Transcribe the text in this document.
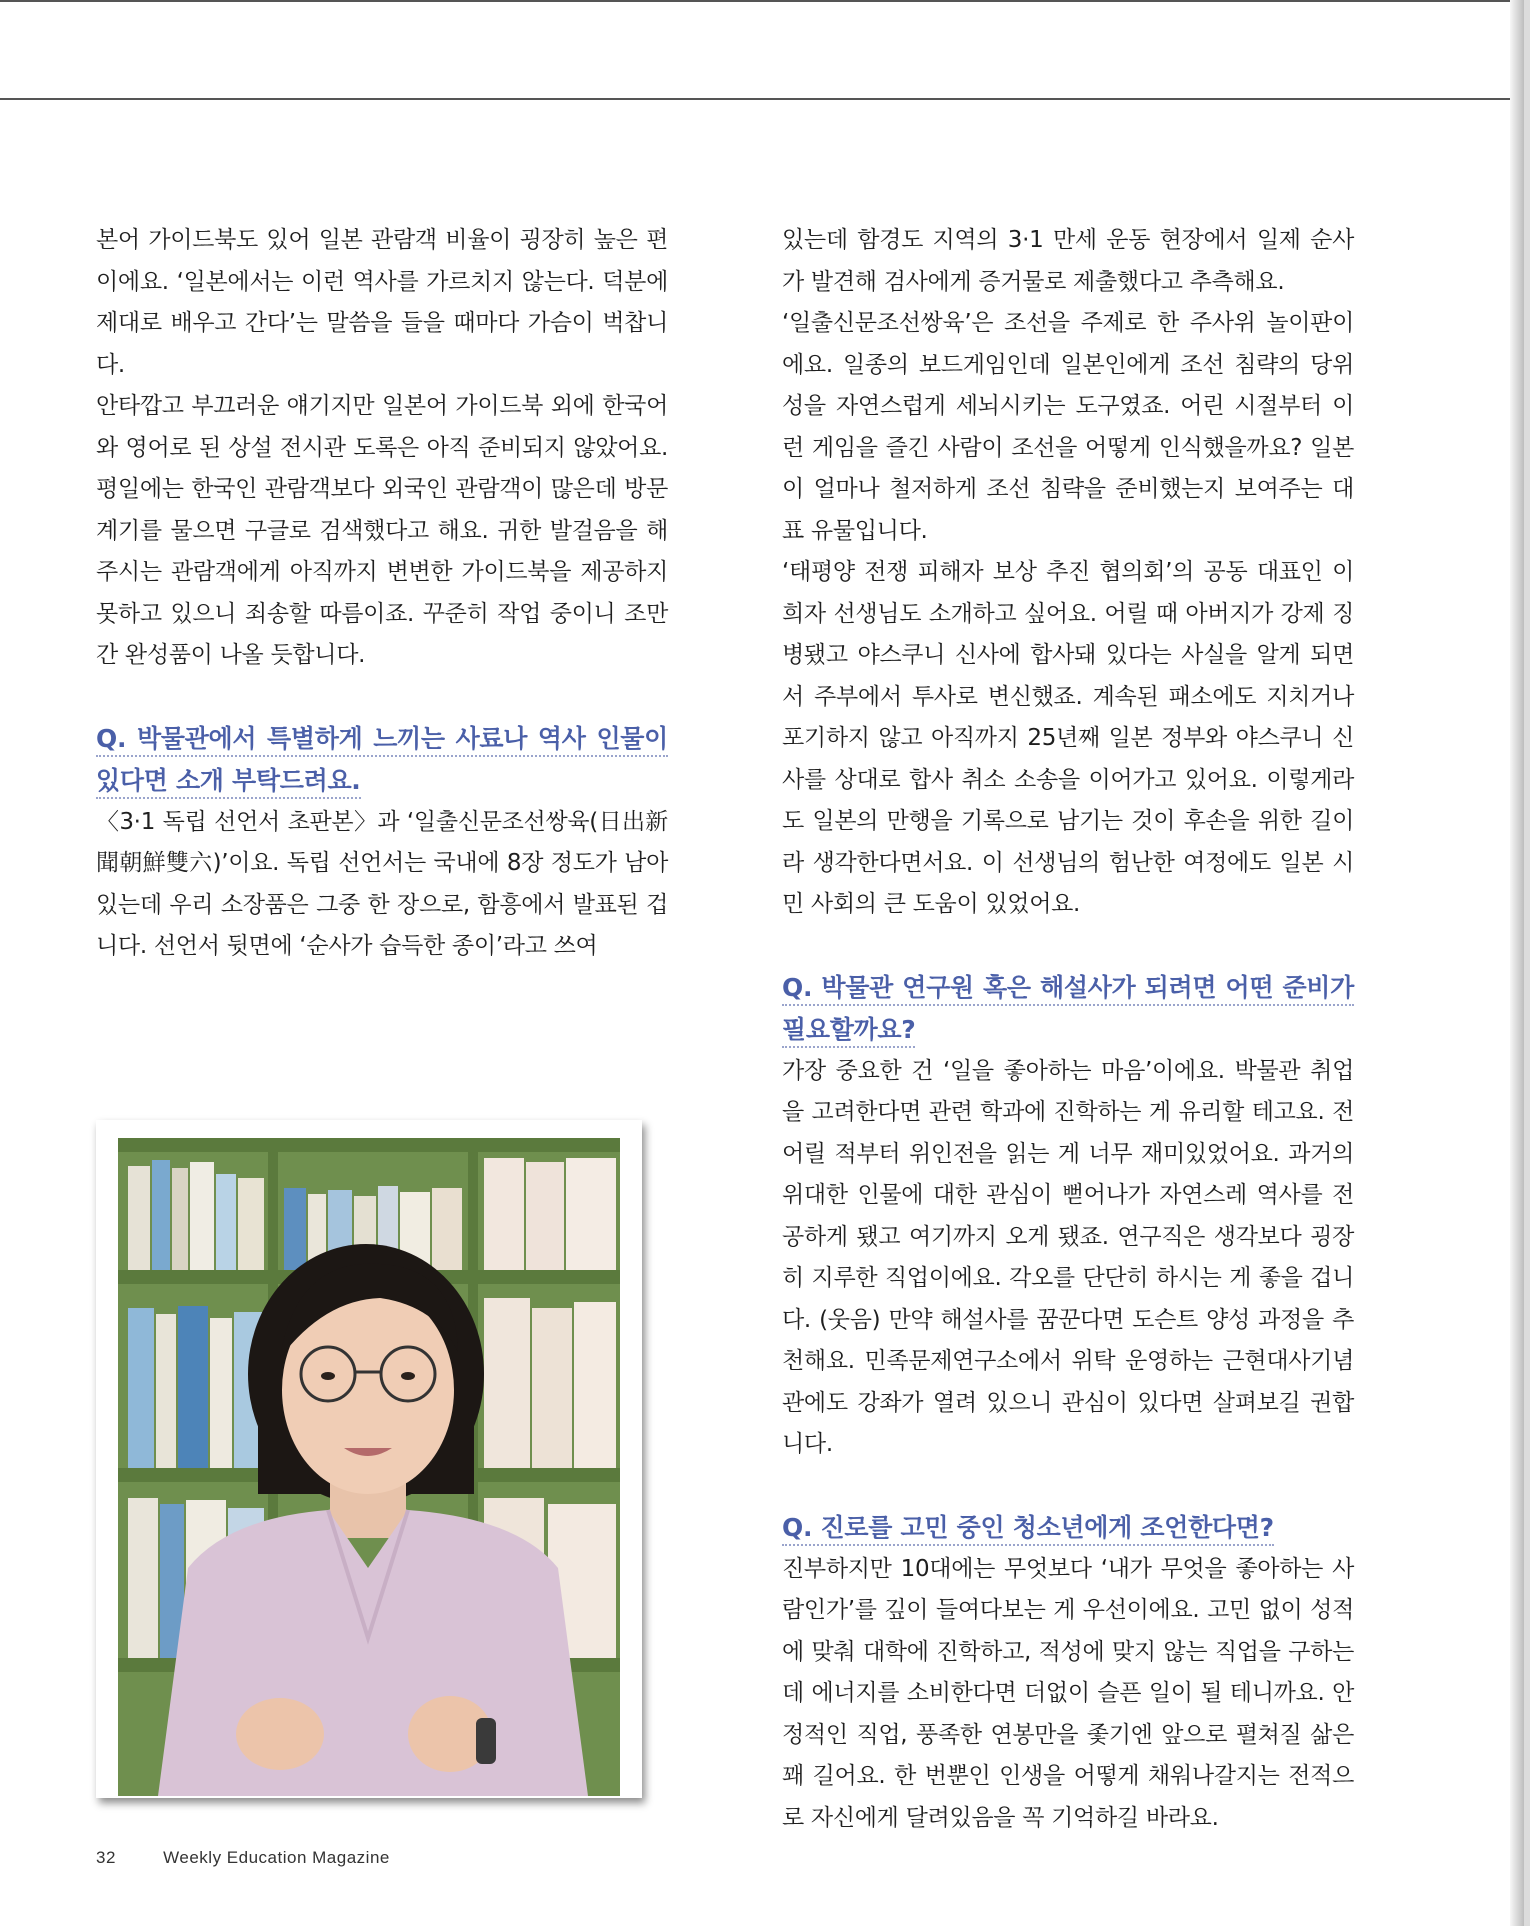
본어 가이드북도 있어 일본 관람객 비율이 굉장히 높은 편이에요. ‘일본에서는 이런 역사를 가르치지 않는다. 덕분에 제대로 배우고 간다’는 말씀을 들을 때마다 가슴이 벅찹니다.

안타깝고 부끄러운 얘기지만 일본어 가이드북 외에 한국어와 영어로 된 상설 전시관 도록은 아직 준비되지 않았어요. 평일에는 한국인 관람객보다 외국인 관람객이 많은데 방문 계기를 물으면 구글로 검색했다고 해요. 귀한 발걸음을 해주시는 관람객에게 아직까지 변변한 가이드북을 제공하지 못하고 있으니 죄송할 따름이죠. 꾸준히 작업 중이니 조만간 완성품이 나올 듯합니다.

Q. 박물관에서 특별하게 느끼는 사료나 역사 인물이 있다면 소개 부탁드려요.

〈3·1 독립 선언서 초판본〉과 ‘일출신문조선쌍육(日出新聞朝鮮雙六)’이요. 독립 선언서는 국내에 8장 정도가 남아 있는데 우리 소장품은 그중 한 장으로, 함흥에서 발표된 겁니다. 선언서 뒷면에 ‘순사가 습득한 종이’라고 쓰여

있는데 함경도 지역의 3·1 만세 운동 현장에서 일제 순사가 발견해 검사에게 증거물로 제출했다고 추측해요.

‘일출신문조선쌍육’은 조선을 주제로 한 주사위 놀이판이에요. 일종의 보드게임인데 일본인에게 조선 침략의 당위성을 자연스럽게 세뇌시키는 도구였죠. 어린 시절부터 이런 게임을 즐긴 사람이 조선을 어떻게 인식했을까요? 일본이 얼마나 철저하게 조선 침략을 준비했는지 보여주는 대표 유물입니다.

‘태평양 전쟁 피해자 보상 추진 협의회’의 공동 대표인 이희자 선생님도 소개하고 싶어요. 어릴 때 아버지가 강제 징병됐고 야스쿠니 신사에 합사돼 있다는 사실을 알게 되면서 주부에서 투사로 변신했죠. 계속된 패소에도 지치거나 포기하지 않고 아직까지 25년째 일본 정부와 야스쿠니 신사를 상대로 합사 취소 소송을 이어가고 있어요. 이렇게라도 일본의 만행을 기록으로 남기는 것이 후손을 위한 길이라 생각한다면서요. 이 선생님의 험난한 여정에도 일본 시민 사회의 큰 도움이 있었어요.

Q. 박물관 연구원 혹은 해설사가 되려면 어떤 준비가 필요할까요?

가장 중요한 건 ‘일을 좋아하는 마음’이에요. 박물관 취업을 고려한다면 관련 학과에 진학하는 게 유리할 테고요. 전 어릴 적부터 위인전을 읽는 게 너무 재미있었어요. 과거의 위대한 인물에 대한 관심이 뻗어나가 자연스레 역사를 전공하게 됐고 여기까지 오게 됐죠. 연구직은 생각보다 굉장히 지루한 직업이에요. 각오를 단단히 하시는 게 좋을 겁니다. (웃음) 만약 해설사를 꿈꾼다면 도슨트 양성 과정을 추천해요. 민족문제연구소에서 위탁 운영하는 근현대사기념관에도 강좌가 열려 있으니 관심이 있다면 살펴보길 권합니다.

Q. 진로를 고민 중인 청소년에게 조언한다면?

진부하지만 10대에는 무엇보다 ‘내가 무엇을 좋아하는 사람인가’를 깊이 들여다보는 게 우선이에요. 고민 없이 성적에 맞춰 대학에 진학하고, 적성에 맞지 않는 직업을 구하는 데 에너지를 소비한다면 더없이 슬픈 일이 될 테니까요. 안정적인 직업, 풍족한 연봉만을 좇기엔 앞으로 펼쳐질 삶은 꽤 길어요. 한 번뿐인 인생을 어떻게 채워나갈지는 전적으로 자신에게 달려있음을 꼭 기억하길 바라요.

32	Weekly Education Magazine
